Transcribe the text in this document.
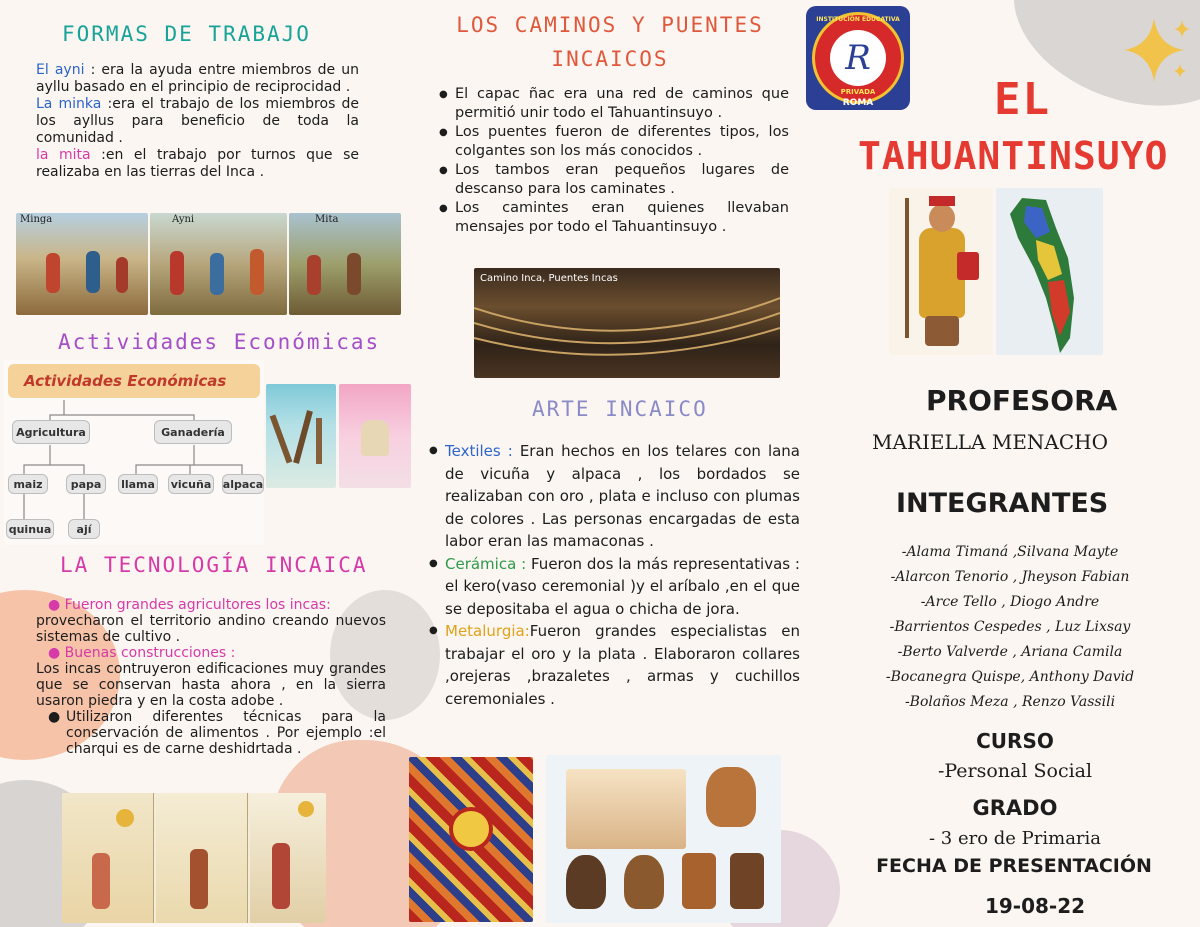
FORMAS DE TRABAJO
El ayni : era la ayuda entre miembros de un ayllu basado en el principio de reciprocidad .
La minka :era el trabajo de los miembros de los ayllus para beneficio de toda la comunidad .
la mita :en el trabajo por turnos que se realizaba en las tierras del Inca .
Minga	Ayni	Mita
Actividades Económicas
Actividades Económicas
Agricultura	Ganadería
maiz	papa
quinua	ají
llama vicuña alpaca
LA TECNOLOGÍA INCAICA
● Fueron grandes agricultores los incas:
provecharon el territorio andino creando nuevos sistemas de cultivo .
● Buenas construcciones :
Los incas contruyeron edificaciones muy grandes que se conservan hasta ahora , en la sierra usaron piedra y en la costa adobe .
● Utilizaron diferentes técnicas para la conservación de alimentos . Por ejemplo :el charqui es de carne deshidrtada .
LOS CAMINOS Y PUENTES
INCAICOS
● El capac ñac era una red de caminos que permitió unir todo el Tahuantinsuyo .
● Los puentes fueron de diferentes tipos, los colgantes son los más conocidos .
● Los tambos eran pequeños lugares de descanso para los caminates .
● Los camintes eran quienes llevaban mensajes por todo el Tahuantinsuyo .
Camino Inca, Puentes Incas
ARTE INCAICO
● Textiles : Eran hechos en los telares con lana de vicuña y alpaca , los bordados se realizaban con oro , plata e incluso con plumas de colores . Las personas encargadas de esta labor eran las mamaconas .
● Cerámica : Fueron dos la más representativas : el kero(vaso ceremonial )y el aríbalo ,en el que se depositaba el agua o chicha de jora.
● Metalurgia:Fueron grandes especialistas en trabajar el oro y la plata . Elaboraron collares ,orejeras ,brazaletes , armas y cuchillos ceremoniales .
R
INSTITUCIÓN EDUCATIVA
PRIVADA
ROMA	EL
TAHUANTINSUYO
PROFESORA
MARIELLA MENACHO
INTEGRANTES
-Alama Timaná ,Silvana Mayte
-Alarcon Tenorio , Jheyson Fabian
-Arce Tello , Diogo Andre
-Barrientos Cespedes , Luz Lixsay
-Berto Valverde , Ariana Camila
-Bocanegra Quispe, Anthony David
-Bolaños Meza , Renzo Vassili
CURSO
-Personal Social
GRADO
- 3 ero de Primaria
FECHA DE PRESENTACIÓN
19-08-22
